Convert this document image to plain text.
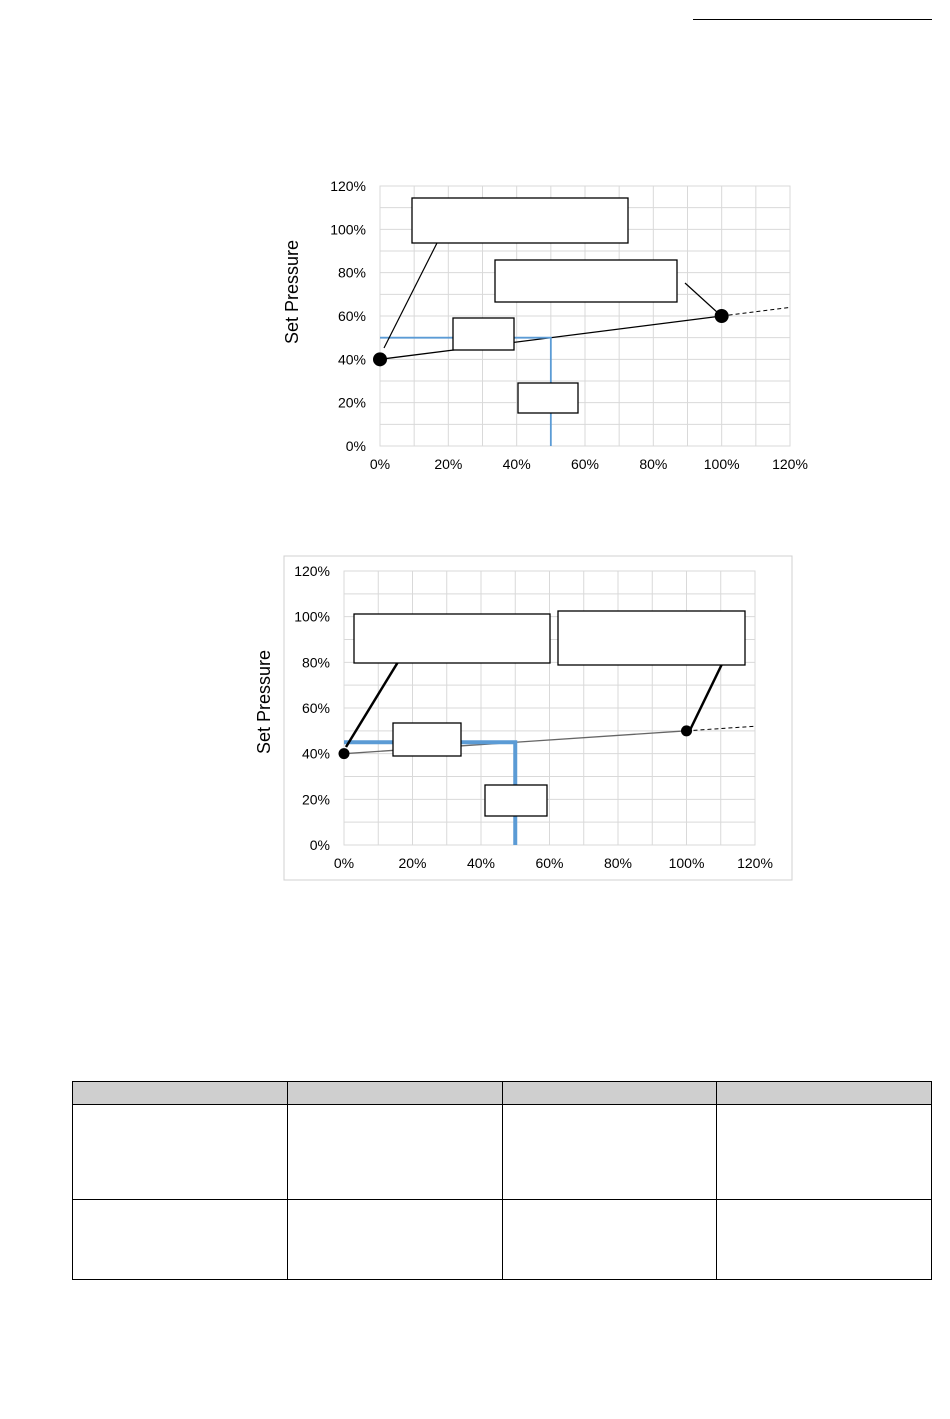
0%	20%	40%	60%	80%	100% 120%
0%
20%
40%
60%
80%
100%
120%
Set Pressure
0%	20%	40%	60%	80%	100% 120%
0%
20%
40%
60%
80%
100%
120%
Set Pressure
